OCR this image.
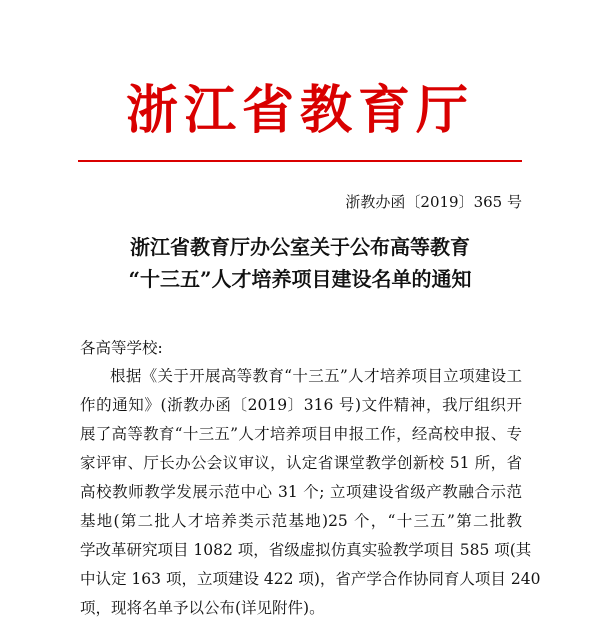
浙江省教育厅
浙教办函〔2019〕365 号
浙江省教育厅办公室关于公布高等教育
“十三五”人才培养项目建设名单的通知
各高等学校:
根据《关于开展高等教育“十三五”人才培养项目立项建设工
作的通知》(浙教办函〔2019〕316 号)文件精神，我厅组织开
展了高等教育“十三五”人才培养项目申报工作，经高校申报、专
家评审、厅长办公会议审议，认定省课堂教学创新校 51 所，省
高校教师教学发展示范中心 31 个; 立项建设省级产教融合示范
基地(第二批人才培养类示范基地)25 个，“十三五”第二批教
学改革研究项目 1082 项，省级虚拟仿真实验教学项目 585 项(其
中认定 163 项，立项建设 422 项)，省产学合作协同育人项目 240
项，现将名单予以公布(详见附件)。
